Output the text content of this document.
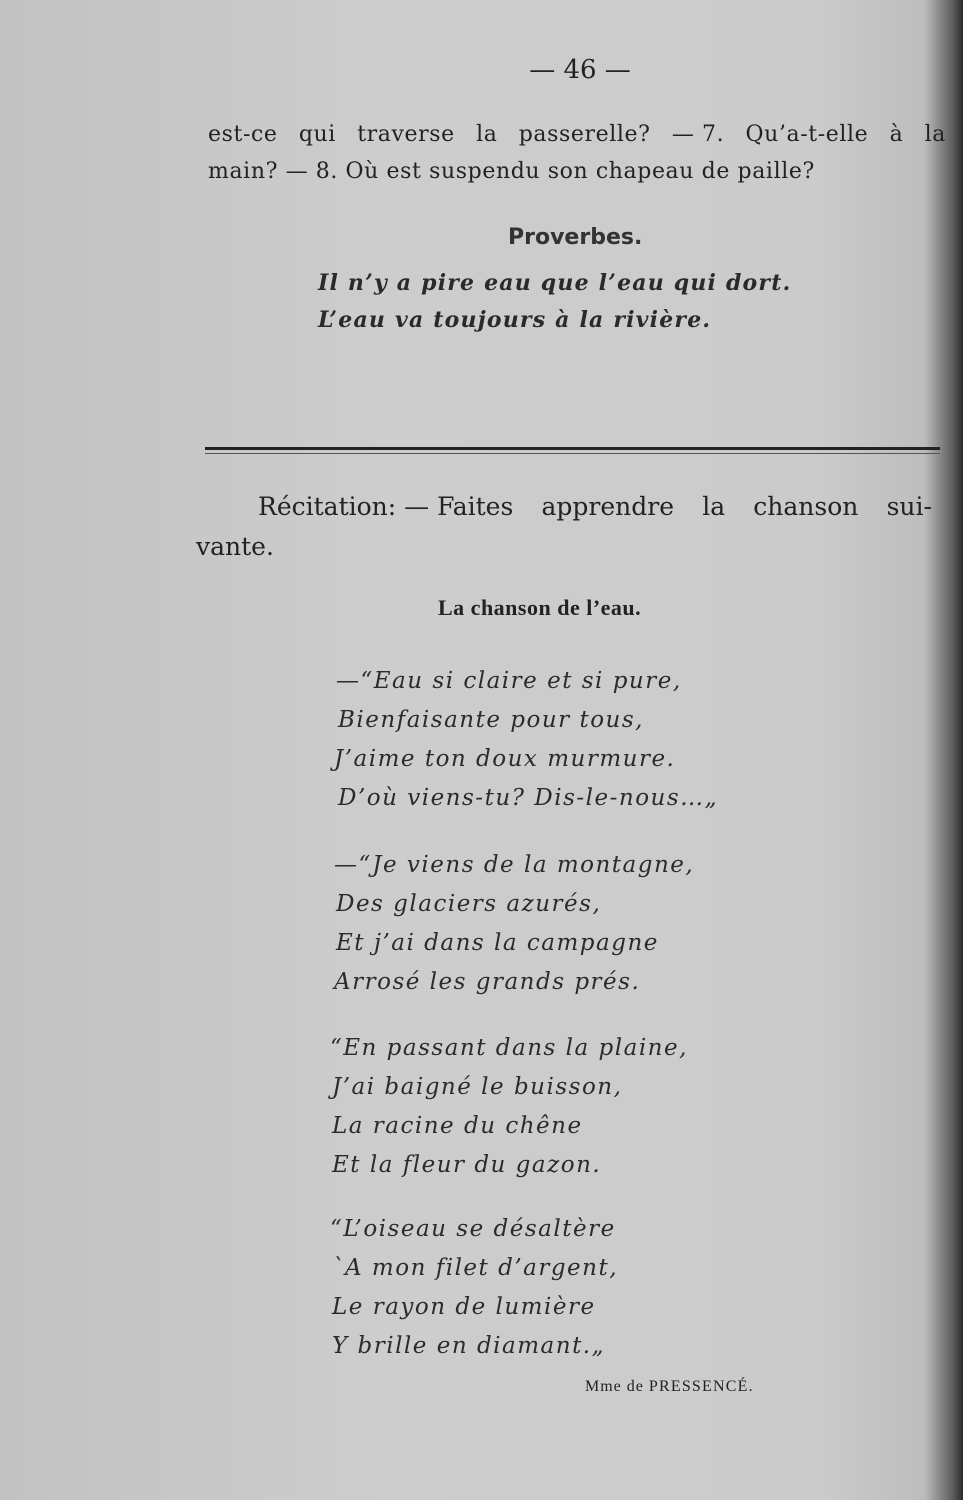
— 46 —
est-ce qui traverse la passerelle? — 7. Qu’a-t-elle à la
main? — 8. Où est suspendu son chapeau de paille?
Proverbes.
Il n’y a pire eau que l’eau qui dort.
L’eau va toujours à la rivière.
Récitation: — Faites apprendre la chanson sui-
vante.
La chanson de l’eau.
—“Eau si claire et si pure,
Bienfaisante pour tous,
J’aime ton doux murmure.
D’où viens-tu? Dis-le-nous…„
—“Je viens de la montagne,
Des glaciers azurés,
Et j’ai dans la campagne
Arrosé les grands prés.
“En passant dans la plaine,
J’ai baigné le buisson,
La racine du chêne
Et la fleur du gazon.
“L’oiseau se désaltère
`A mon filet d’argent,
Le rayon de lumière
Y brille en diamant.„
Mme de PRESSENCÉ.
